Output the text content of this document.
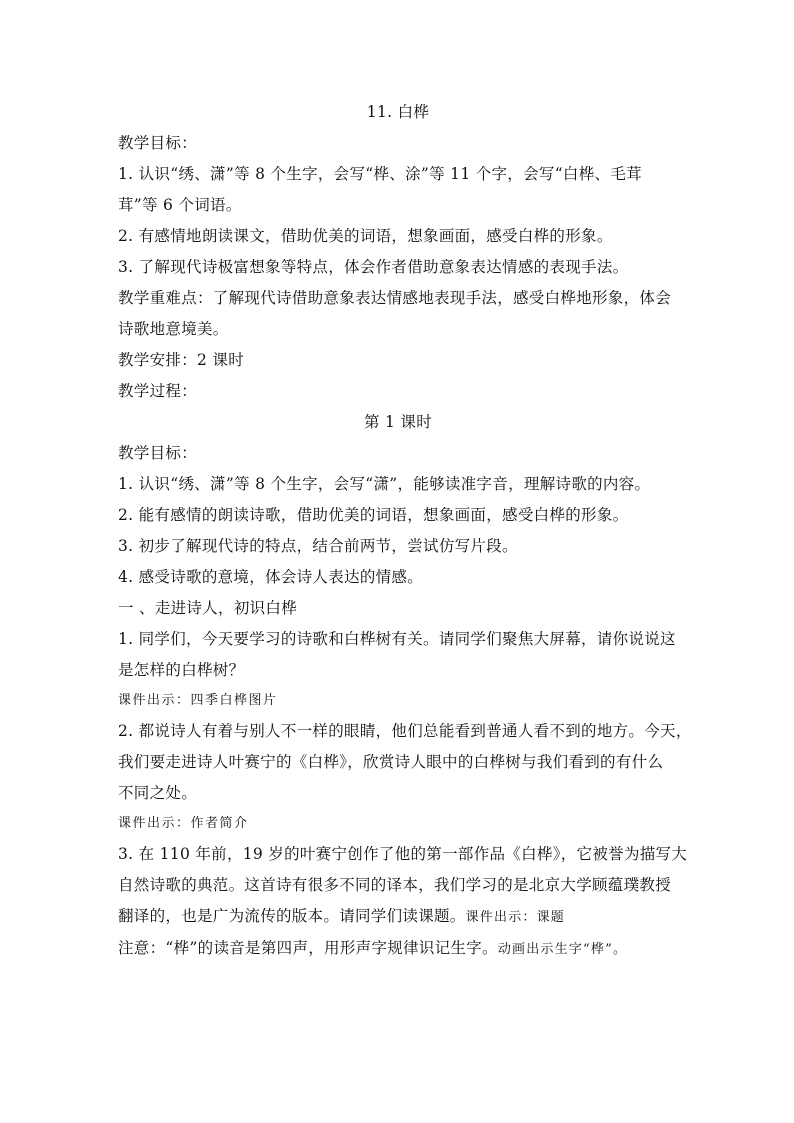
11. 白桦
教学目标：
1. 认识“绣、潇”等 8 个生字，会写“桦、涂”等 11 个字，会写“白桦、毛茸
茸”等 6 个词语。
2. 有感情地朗读课文，借助优美的词语，想象画面，感受白桦的形象。
3. 了解现代诗极富想象等特点，体会作者借助意象表达情感的表现手法。
教学重难点：了解现代诗借助意象表达情感地表现手法，感受白桦地形象，体会
诗歌地意境美。
教学安排：2 课时
教学过程：
第 1 课时
教学目标：
1. 认识“绣、潇”等 8 个生字，会写“潇”，能够读准字音，理解诗歌的内容。
2. 能有感情的朗读诗歌，借助优美的词语，想象画面，感受白桦的形象。
3. 初步了解现代诗的特点，结合前两节，尝试仿写片段。
4. 感受诗歌的意境，体会诗人表达的情感。
一 、走进诗人，初识白桦
1. 同学们，今天要学习的诗歌和白桦树有关。请同学们聚焦大屏幕，请你说说这
是怎样的白桦树？
课件出示：四季白桦图片
2. 都说诗人有着与别人不一样的眼睛，他们总能看到普通人看不到的地方。今天，
我们要走进诗人叶赛宁的《白桦》，欣赏诗人眼中的白桦树与我们看到的有什么
不同之处。
课件出示：作者简介
3. 在 110 年前，19 岁的叶赛宁创作了他的第一部作品《白桦》，它被誉为描写大
自然诗歌的典范。这首诗有很多不同的译本，我们学习的是北京大学顾蕴璞教授
翻译的，也是广为流传的版本。请同学们读课题。课件出示：课题
注意：“桦”的读音是第四声，用形声字规律识记生字。动画出示生字“桦”。
